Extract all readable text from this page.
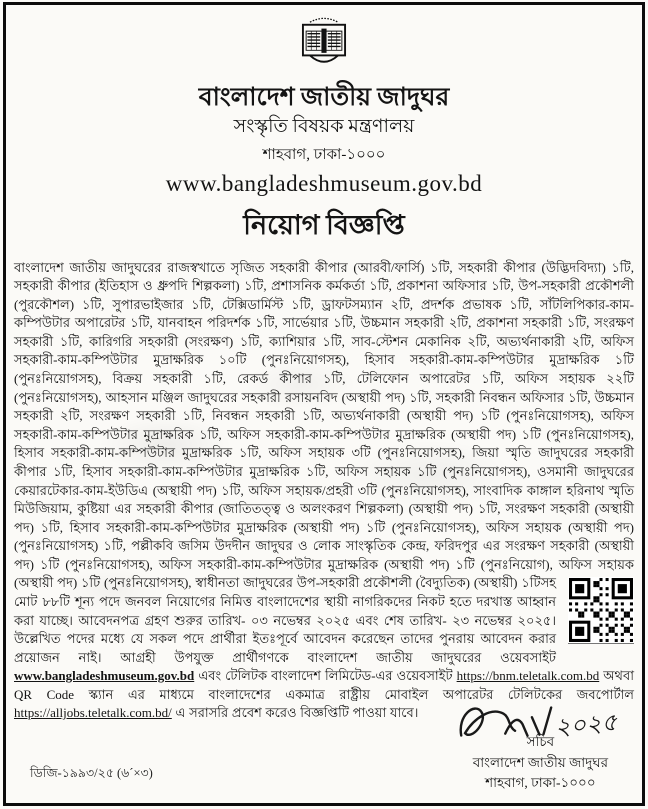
বাংলাদেশ জাতীয় জাদুঘর
সংস্কৃতি বিষয়ক মন্ত্রণালয়
শাহবাগ, ঢাকা-১০০০
www.bangladeshmuseum.gov.bd
নিয়োগ বিজ্ঞপ্তি

বাংলাদেশ জাতীয় জাদুঘরের রাজস্বখাতে সৃজিত সহকারী কীপার (আরবী/ফার্সি) ১টি, সহকারী কীপার (উদ্ভিদবিদ্যা) ১টি, সহকারী কীপার (ইতিহাস ও ধ্রুপদি শিল্পকলা) ১টি, প্রশাসনিক কর্মকর্তা ১টি, প্রকাশনা অফিসার ১টি, উপ-সহকারী প্রকৌশলী (পুরকৌশল) ১টি, সুপারভাইজার ১টি, টেক্সিডার্মিস্ট ১টি, ড্রাফটসম্যান ২টি, প্রদর্শক প্রভাষক ১টি, সাঁটলিপিকার-কাম-কম্পিউটার অপারেটর ১টি, যানবাহন পরিদর্শক ১টি, সার্ভেয়ার ১টি, উচ্চমান সহকারী ২টি, প্রকাশনা সহকারী ১টি, সংরক্ষণ সহকারী ১টি, কারিগরি সহকারী (সংরক্ষণ) ১টি, ক্যাশিয়ার ১টি, সাব-স্টেশন মেকানিক ২টি, অভ্যর্থনাকারী ২টি, অফিস সহকারী-কাম-কম্পিউটার মুদ্রাক্ষরিক ১০টি (পুনঃনিয়োগসহ), হিসাব সহকারী-কাম-কম্পিউটার মুদ্রাক্ষরিক ১টি (পুনঃনিয়োগসহ), বিক্রয় সহকারী ১টি, রেকর্ড কীপার ১টি, টেলিফোন অপারেটর ১টি, অফিস সহায়ক ২২টি (পুনঃনিয়োগসহ), আহসান মঞ্জিল জাদুঘরের সহকারী রসায়নবিদ (অস্থায়ী পদ) ১টি, সহকারী নিবন্ধন অফিসার ১টি, উচ্চমান সহকারী ২টি, সংরক্ষণ সহকারী ১টি, নিবন্ধন সহকারী ১টি, অভ্যর্থনাকারী (অস্থায়ী পদ) ১টি (পুনঃনিয়োগসহ), অফিস সহকারী-কাম-কম্পিউটার মুদ্রাক্ষরিক ১টি, অফিস সহকারী-কাম-কম্পিউটার মুদ্রাক্ষরিক (অস্থায়ী পদ) ১টি (পুনঃনিয়োগসহ), হিসাব সহকারী-কাম-কম্পিউটার মুদ্রাক্ষরিক ১টি, অফিস সহায়ক ৩টি (পুনঃনিয়োগসহ), জিয়া স্মৃতি জাদুঘরের সহকারী কীপার ১টি, হিসাব সহকারী-কাম-কম্পিউটার মুদ্রাক্ষরিক ১টি, অফিস সহায়ক ১টি (পুনঃনিয়োগসহ), ওসমানী জাদুঘরের কেয়ারটেকার-কাম-ইউডিএ (অস্থায়ী পদ) ১টি, অফিস সহায়ক/প্রহরী ৩টি (পুনঃনিয়োগসহ), সাংবাদিক কাঙ্গাল হরিনাথ স্মৃতি মিউজিয়াম, কুষ্টিয়া এর সহকারী কীপার (জাতিতত্ত্ব ও অলংকরণ শিল্পকলা) (অস্থায়ী পদ) ১টি, সংরক্ষণ সহকারী (অস্থায়ী পদ) ১টি, হিসাব সহকারী-কাম-কম্পিউটার মুদ্রাক্ষরিক (অস্থায়ী পদ) ১টি (পুনঃনিয়োগসহ), অফিস সহায়ক (অস্থায়ী পদ) (পুনঃনিয়োগসহ) ১টি, পল্লীকবি জসিম উদদীন জাদুঘর ও লোক সাংস্কৃতিক কেন্দ্র, ফরিদপুর এর সংরক্ষণ সহকারী (অস্থায়ী পদ) ১টি (পুনঃনিয়োগসহ), অফিস সহকারী-কাম-কম্পিউটার মুদ্রাক্ষরিক (অস্থায়ী পদ) ১টি (পুনঃনিয়োগ), অফিস সহায়ক (অস্থায়ী পদ) ১টি (পুনঃনিয়োগসহ),
স্বাধীনতা জাদুঘরের উপ-সহকারী প্রকৌশলী (বৈদ্যুতিক) (অস্থায়ী) ১টিসহ মোট ৮৮টি শূন্য পদে জনবল নিয়োগের নিমিত্ত বাংলাদেশের স্থায়ী নাগরিকদের নিকট হতে দরখাস্ত আহ্বান করা যাচ্ছে। আবেদনপত্র গ্রহণ শুরুর তারিখ- ০৩ নভেম্বর ২০২৫ এবং শেষ তারিখ- ২৩ নভেম্বর ২০২৫। উল্লেখিত পদের মধ্যে যে সকল পদে প্রার্থীরা ইতঃপূর্বে আবেদন করেছেন তাদের পুনরায় আবেদন করার প্রয়োজন নাই। আগ্রহী উপযুক্ত প্রার্থীগণকে বাংলাদেশ জাতীয় জাদুঘরের ওয়েবসাইট www.bangladeshmuseum.gov.bd এবং টেলিটক বাংলাদেশ লিমিটেড-এর ওয়েবসাইট https://bnm.teletalk.com.bd অথবা QR Code স্ক্যান এর মাধ্যমে বাংলাদেশের একমাত্র রাষ্ট্রীয় মোবাইল অপারেটর টেলিটকের জবপোর্টাল https://alljobs.teletalk.com.bd/ এ সরাসরি প্রবেশ করেও বিজ্ঞপ্তিটি পাওয়া যাবে।	২০২৫
সচিব
বাংলাদেশ জাতীয় জাদুঘর
শাহবাগ, ঢাকা-১০০০
ডিজি-১৯৯৩/২৫ (৬´×৩)
